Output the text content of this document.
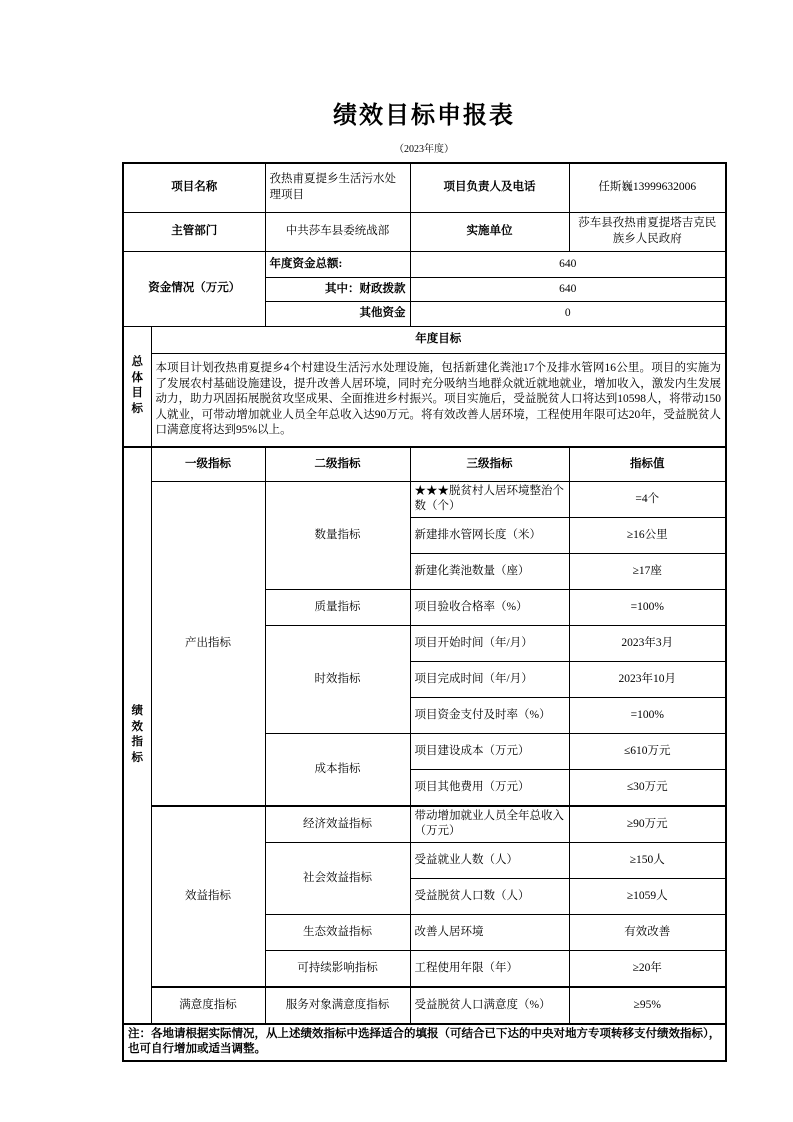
绩效目标申报表
（2023年度）
项目名称		孜热甫夏提乡生活污水处理项目	项目负责人及电话	任斯巍13999632006
主管部门		中共莎车县委统战部	实施单位	莎车县孜热甫夏提塔吉克民族乡人民政府
资金情况（万元）		年度资金总额:	640	
		其中：财政拨款	640	
		其他资金	0	
总体目标	年度目标			
	本项目计划孜热甫夏提乡4个村建设生活污水处理设施，包括新建化粪池17个及排水管网16公里。项目的实施为了发展农村基础设施建设，提升改善人居环境，同时充分吸纳当地群众就近就地就业，增加收入，激发内生发展动力，助力巩固拓展脱贫攻坚成果、全面推进乡村振兴。项目实施后，受益脱贫人口将达到10598人，将带动150人就业，可带动增加就业人员全年总收入达90万元。将有效改善人居环境，工程使用年限可达20年，受益脱贫人口满意度将达到95%以上。			
绩效指标	一级指标	二级指标	三级指标	指标值
	产出指标	数量指标	★★★脱贫村人居环境整治个数（个）	=4个
			新建排水管网长度（米）	≥16公里
			新建化粪池数量（座）	≥17座
		质量指标	项目验收合格率（%）	=100%
		时效指标	项目开始时间（年/月）	2023年3月
			项目完成时间（年/月）	2023年10月
			项目资金支付及时率（%）	=100%
		成本指标	项目建设成本（万元）	≤610万元
			项目其他费用（万元）	≤30万元
	效益指标	经济效益指标	带动增加就业人员全年总收入（万元）	≥90万元
		社会效益指标	受益就业人数（人）	≥150人
			受益脱贫人口数（人）	≥1059人
		生态效益指标	改善人居环境	有效改善
		可持续影响指标	工程使用年限（年）	≥20年
	满意度指标	服务对象满意度指标	受益脱贫人口满意度（%）	≥95%
注：各地请根据实际情况，从上述绩效指标中选择适合的填报（可结合已下达的中央对地方专项转移支付绩效指标），也可自行增加或适当调整。				
